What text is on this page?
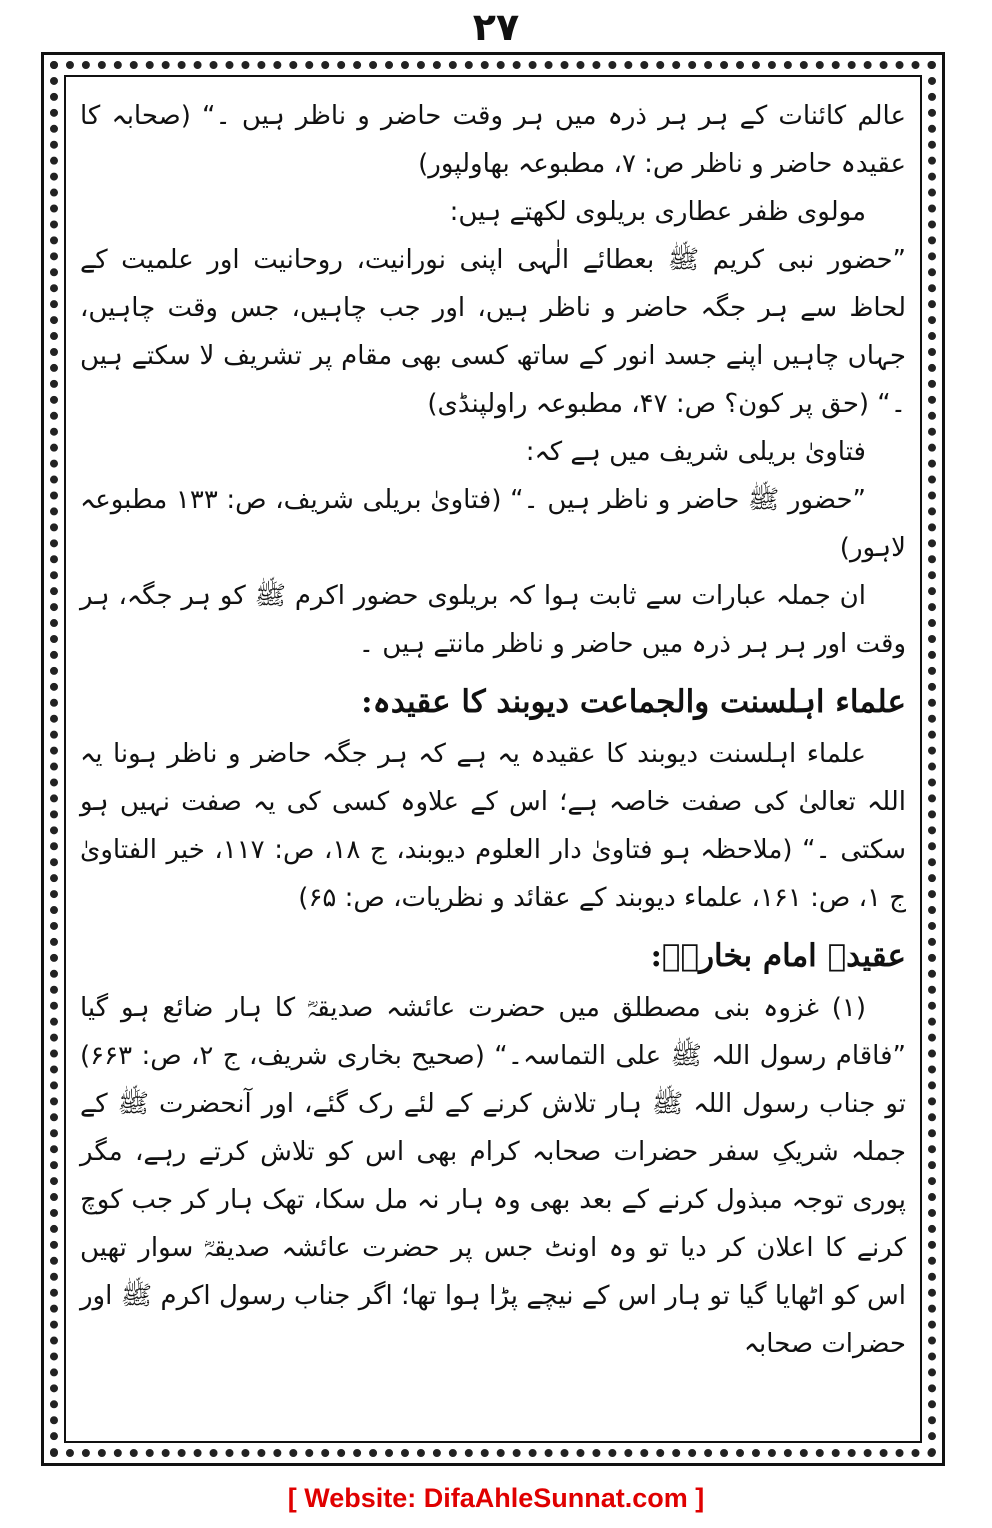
۲۷

عالم کائنات کے ہر ہر ذرہ میں ہر وقت حاضر و ناظر ہیں ۔“ (صحابہ کا عقیدہ حاضر و ناظر ص: ۷، مطبوعہ بھاولپور)

مولوی ظفر عطاری بریلوی لکھتے ہیں:

”حضور نبی کریم ﷺ بعطائے الٰہی اپنی نورانیت، روحانیت اور علمیت کے لحاظ سے ہر جگہ حاضر و ناظر ہیں، اور جب چاہیں، جس وقت چاہیں، جہاں چاہیں اپنے جسد انور کے ساتھ کسی بھی مقام پر تشریف لا سکتے ہیں ۔“ (حق پر کون؟ ص: ۴۷، مطبوعہ راولپنڈی)

فتاویٰ بریلی شریف میں ہے کہ:

”حضور ﷺ حاضر و ناظر ہیں ۔“ (فتاویٰ بریلی شریف، ص: ۱۳۳ مطبوعہ لاہور)

ان جملہ عبارات سے ثابت ہوا کہ بریلوی حضور اکرم ﷺ کو ہر جگہ، ہر وقت اور ہر ہر ذرہ میں حاضر و ناظر مانتے ہیں ۔

علماء اہلسنت والجماعت دیوبند کا عقیدہ:

علماء اہلسنت دیوبند کا عقیدہ یہ ہے کہ ہر جگہ حاضر و ناظر ہونا یہ اللہ تعالیٰ کی صفت خاصہ ہے؛ اس کے علاوہ کسی کی یہ صفت نہیں ہو سکتی ۔“ (ملاحظہ ہو فتاویٰ دار العلوم دیوبند، ج ۱۸، ص: ۱۱۷، خیر الفتاویٰ ج ۱، ص: ۱۶۱، علماء دیوبند کے عقائد و نظریات، ص: ۶۵)

عقیدہ امام بخاریؒ:

(۱) غزوہ بنی مصطلق میں حضرت عائشہ صدیقہؓ کا ہار ضائع ہو گیا ”فاقام رسول اللہ ﷺ علی التماسہ۔“ (صحیح بخاری شریف، ج ۲، ص: ۶۶۳) تو جناب رسول اللہ ﷺ ہار تلاش کرنے کے لئے رک گئے، اور آنحضرت ﷺ کے جملہ شریکِ سفر حضرات صحابہ کرام بھی اس کو تلاش کرتے رہے، مگر پوری توجہ مبذول کرنے کے بعد بھی وہ ہار نہ مل سکا، تھک ہار کر جب کوچ کرنے کا اعلان کر دیا تو وہ اونٹ جس پر حضرت عائشہ صدیقہؓ سوار تھیں اس کو اٹھایا گیا تو ہار اس کے نیچے پڑا ہوا تھا؛ اگر جناب رسول اکرم ﷺ اور حضرات صحابہ

[ Website: DifaAhleSunnat.com ]
